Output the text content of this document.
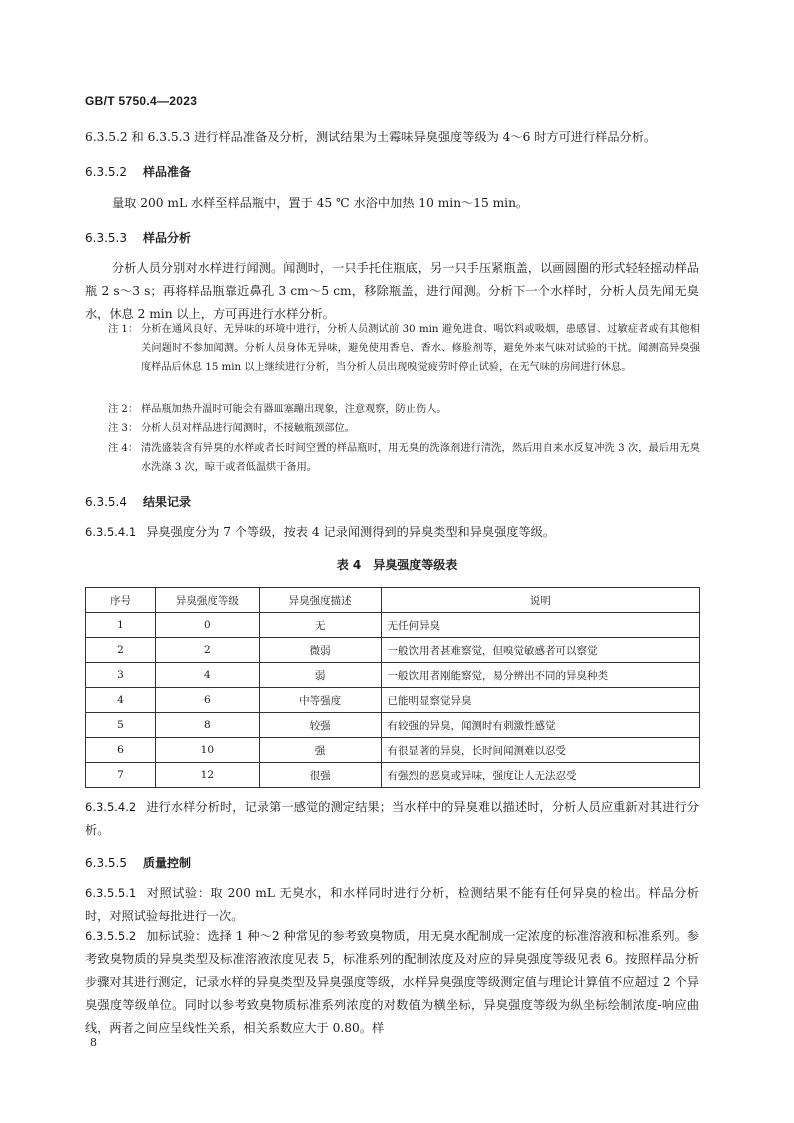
GB/T 5750.4—2023
6.3.5.2 和 6.3.5.3 进行样品准备及分析，测试结果为土霉味异臭强度等级为 4～6 时方可进行样品分析。
6.3.5.2 样品准备
量取 200 mL 水样至样品瓶中，置于 45 ℃ 水浴中加热 10 min～15 min。
6.3.5.3 样品分析
分析人员分别对水样进行闻测。闻测时，一只手托住瓶底，另一只手压紧瓶盖，以画圆圈的形式轻轻摇动样品瓶 2 s～3 s；再将样品瓶靠近鼻孔 3 cm～5 cm，移除瓶盖，进行闻测。分析下一个水样时，分析人员先闻无臭水，休息 2 min 以上，方可再进行水样分析。
注 1： 分析在通风良好、无异味的环境中进行，分析人员测试前 30 min 避免进食、喝饮料或吸烟，患感冒、过敏症者或有其他相关问题时不参加闻测。分析人员身体无异味，避免使用香皂、香水、修脸剂等，避免外来气味对试验的干扰。闻测高异臭强度样品后休息 15 min 以上继续进行分析，当分析人员出现嗅觉疲劳时停止试验，在无气味的房间进行休息。
注 2： 样品瓶加热升温时可能会有器皿塞蹦出现象，注意观察，防止伤人。
注 3： 分析人员对样品进行闻测时，不接触瓶颈部位。
注 4： 清洗盛装含有异臭的水样或者长时间空置的样品瓶时，用无臭的洗涤剂进行清洗，然后用自来水反复冲洗 3 次，最后用无臭水洗涤 3 次，晾干或者低温烘干备用。
6.3.5.4 结果记录
6.3.5.4.1 异臭强度分为 7 个等级，按表 4 记录闻测得到的异臭类型和异臭强度等级。
表 4　异臭强度等级表
序号	异臭强度等级	异臭强度描述	说明
1	0	无	无任何异臭
2	2	微弱	一般饮用者甚难察觉，但嗅觉敏感者可以察觉
3	4	弱	一般饮用者刚能察觉，易分辨出不同的异臭种类
4	6	中等强度	已能明显察觉异臭
5	8	较强	有较强的异臭，闻测时有刺激性感觉
6	10	强	有很显著的异臭，长时间闻测难以忍受
7	12	很强	有强烈的恶臭或异味，强度让人无法忍受
6.3.5.4.2 进行水样分析时，记录第一感觉的测定结果；当水样中的异臭难以描述时，分析人员应重新对其进行分析。
6.3.5.5 质量控制
6.3.5.5.1 对照试验：取 200 mL 无臭水，和水样同时进行分析，检测结果不能有任何异臭的检出。样品分析时，对照试验每批进行一次。
6.3.5.5.2 加标试验：选择 1 种～2 种常见的参考致臭物质，用无臭水配制成一定浓度的标准溶液和标准系列。参考致臭物质的异臭类型及标准溶液浓度见表 5，标准系列的配制浓度及对应的异臭强度等级见表 6。按照样品分析步骤对其进行测定，记录水样的异臭类型及异臭强度等级，水样异臭强度等级测定值与理论计算值不应超过 2 个异臭强度等级单位。同时以参考致臭物质标准系列浓度的对数值为横坐标，异臭强度等级为纵坐标绘制浓度-响应曲线，两者之间应呈线性关系，相关系数应大于 0.80。样
8
